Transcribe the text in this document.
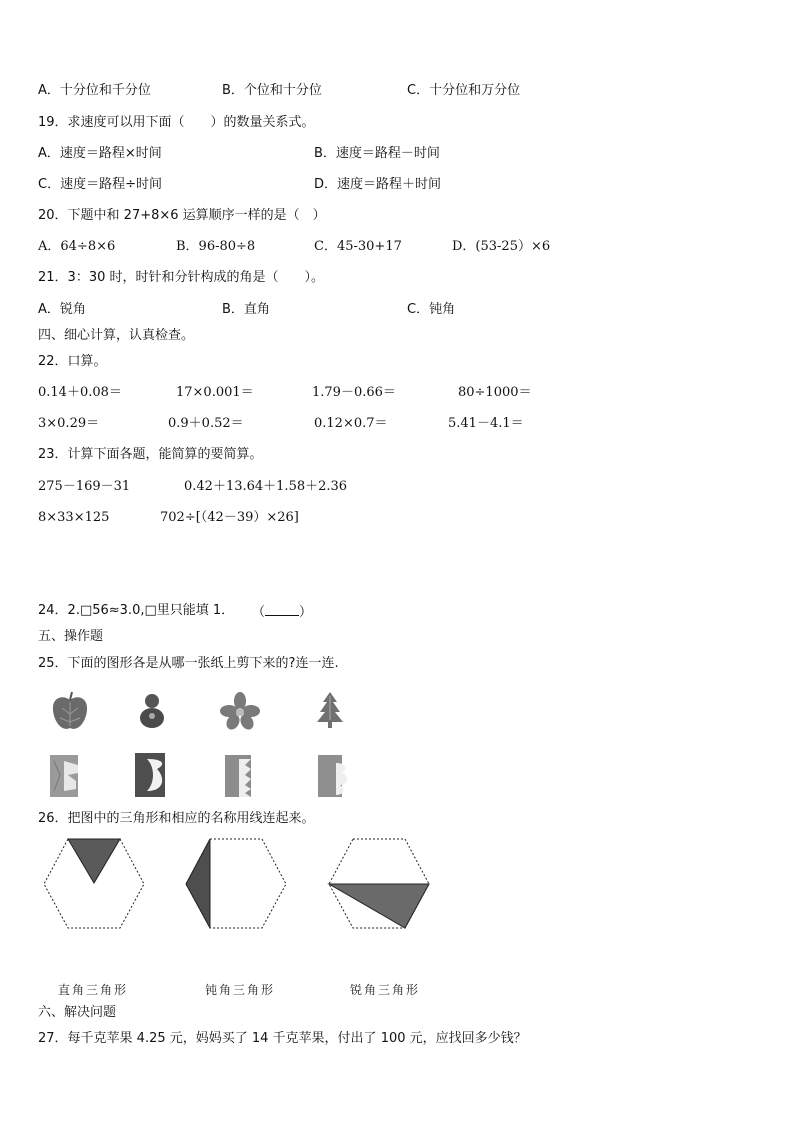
A．十分位和千分位	B．个位和十分位	C．十分位和万分位
19．求速度可以用下面（　　）的数量关系式。
A．速度＝路程×时间	B．速度＝路程－时间
C．速度＝路程÷时间	D．速度＝路程＋时间
20．下题中和 27+8×6 运算顺序一样的是（　）
A．64÷8×6	B．96-80÷8	C．45-30+17	D．(53-25）×6
21．3：30 时，时针和分针构成的角是（　　）。
A．锐角	B．直角	C．钝角
四、细心计算，认真检查。
22．口算。
0.14＋0.08＝	17×0.001＝	1.79－0.66＝	80÷1000＝
3×0.29＝	0.9＋0.52＝	0.12×0.7＝	5.41－4.1＝
23．计算下面各题，能简算的要简算。
275－169－31	0.42＋13.64＋1.58＋2.36
8×33×125	702÷[（42－39）×26]
24．2.□56≈3.0,□里只能填 1． （	）
五、操作题
25．下面的图形各是从哪一张纸上剪下来的?连一连.
26．把图中的三角形和相应的名称用线连起来。
直角三角形	钝角三角形	锐角三角形
六、解决问题
27．每千克苹果 4.25 元，妈妈买了 14 千克苹果，付出了 100 元，应找回多少钱？
